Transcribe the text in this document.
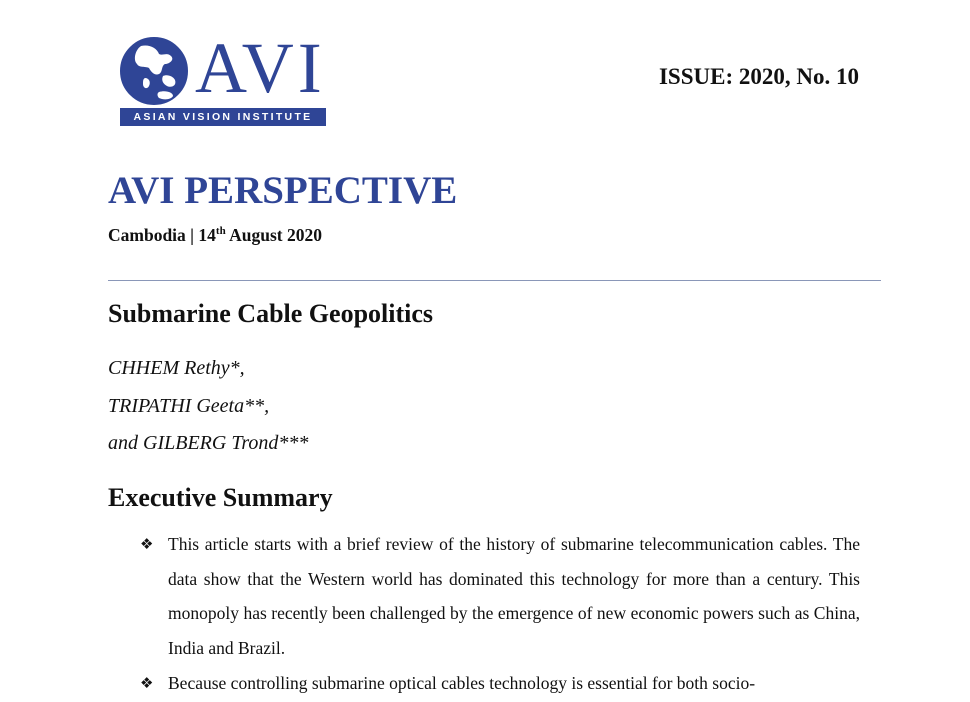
AVI
ASIAN VISION INSTITUTE
ISSUE: 2020, No. 10
AVI PERSPECTIVE
Cambodia | 14th August 2020
Submarine Cable Geopolitics
CHHEM Rethy*,
TRIPATHI Geeta**,
and GILBERG Trond***
Executive Summary
❖ This article starts with a brief review of the history of submarine telecommunication cables. The data show that the Western world has dominated this technology for more than a century. This monopoly has recently been challenged by the emergence of new economic powers such as China, India and Brazil.
❖ Because controlling submarine optical cables technology is essential for both socio-
